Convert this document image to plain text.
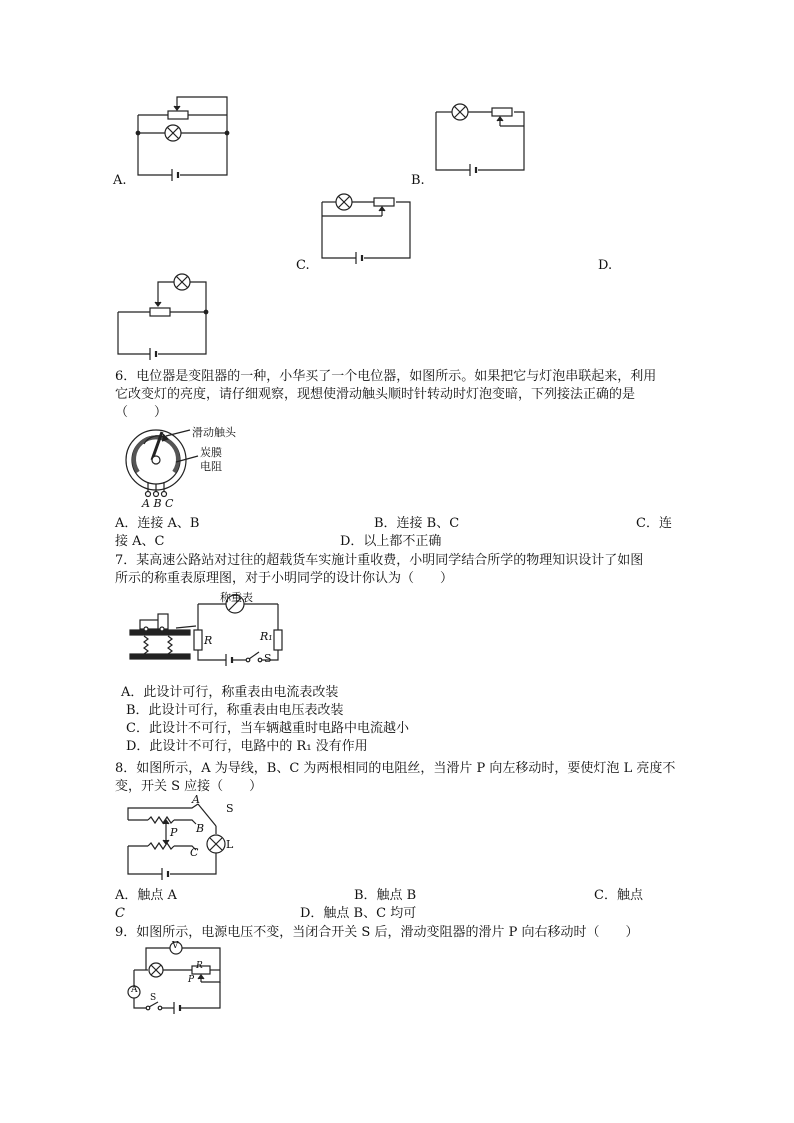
A.	B.
C.	D.
6．电位器是变阻器的一种，小华买了一个电位器，如图所示。如果把它与灯泡串联起来，利用
它改变灯的亮度，请仔细观察，现想使滑动触头顺时针转动时灯泡变暗，下列接法正确的是
（　　）
滑动触头
炭膜
电阻
A B C
A．连接 A、B	B．连接 B、C	C．连
接 A、C	D．以上都不正确
7．某高速公路站对过往的超载货车实施计重收费，小明同学结合所学的物理知识设计了如图
所示的称重表原理图，对于小明同学的设计你认为（　　）
称重表
R	R₁
S
A．此设计可行，称重表由电流表改装
B．此设计可行，称重表由电压表改装
C．此设计不可行，当车辆越重时电路中电流越小
D．此设计不可行，电路中的 R₁ 没有作用
8．如图所示，A 为导线，B、C 为两根相同的电阻丝，当滑片 P 向左移动时，要使灯泡 L 亮度不
变，开关 S 应接（　　）
A
S
P B
C
L
A．触点 A	B．触点 B	C．触点
C	D．触点 B、C 均可
9．如图所示，电源电压不变，当闭合开关 S 后，滑动变阻器的滑片 P 向右移动时（　　）
V
A
R
P
S
